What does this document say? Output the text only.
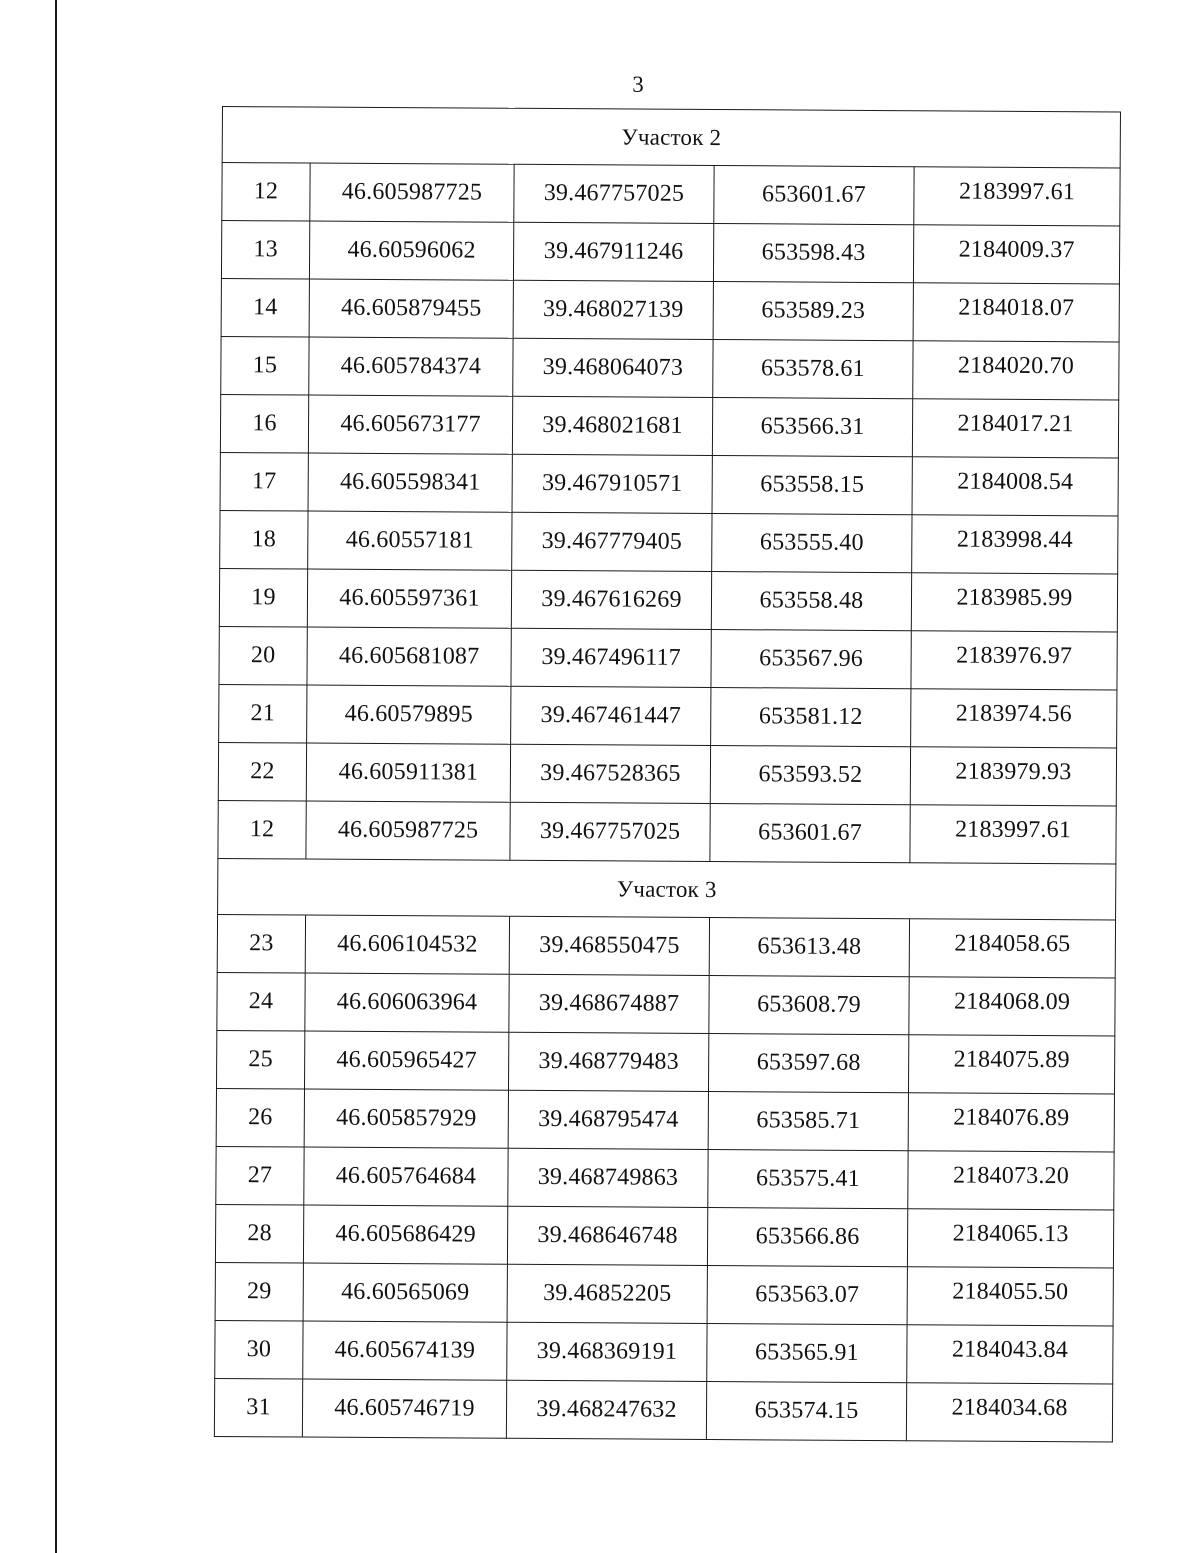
3
Участок 2				
12	46.605987725	39.467757025	653601.67	2183997.61
13	46.60596062	39.467911246	653598.43	2184009.37
14	46.605879455	39.468027139	653589.23	2184018.07
15	46.605784374	39.468064073	653578.61	2184020.70
16	46.605673177	39.468021681	653566.31	2184017.21
17	46.605598341	39.467910571	653558.15	2184008.54
18	46.60557181	39.467779405	653555.40	2183998.44
19	46.605597361	39.467616269	653558.48	2183985.99
20	46.605681087	39.467496117	653567.96	2183976.97
21	46.60579895	39.467461447	653581.12	2183974.56
22	46.605911381	39.467528365	653593.52	2183979.93
12	46.605987725	39.467757025	653601.67	2183997.61
Участок 3				
23	46.606104532	39.468550475	653613.48	2184058.65
24	46.606063964	39.468674887	653608.79	2184068.09
25	46.605965427	39.468779483	653597.68	2184075.89
26	46.605857929	39.468795474	653585.71	2184076.89
27	46.605764684	39.468749863	653575.41	2184073.20
28	46.605686429	39.468646748	653566.86	2184065.13
29	46.60565069	39.46852205	653563.07	2184055.50
30	46.605674139	39.468369191	653565.91	2184043.84
31	46.605746719	39.468247632	653574.15	2184034.68
